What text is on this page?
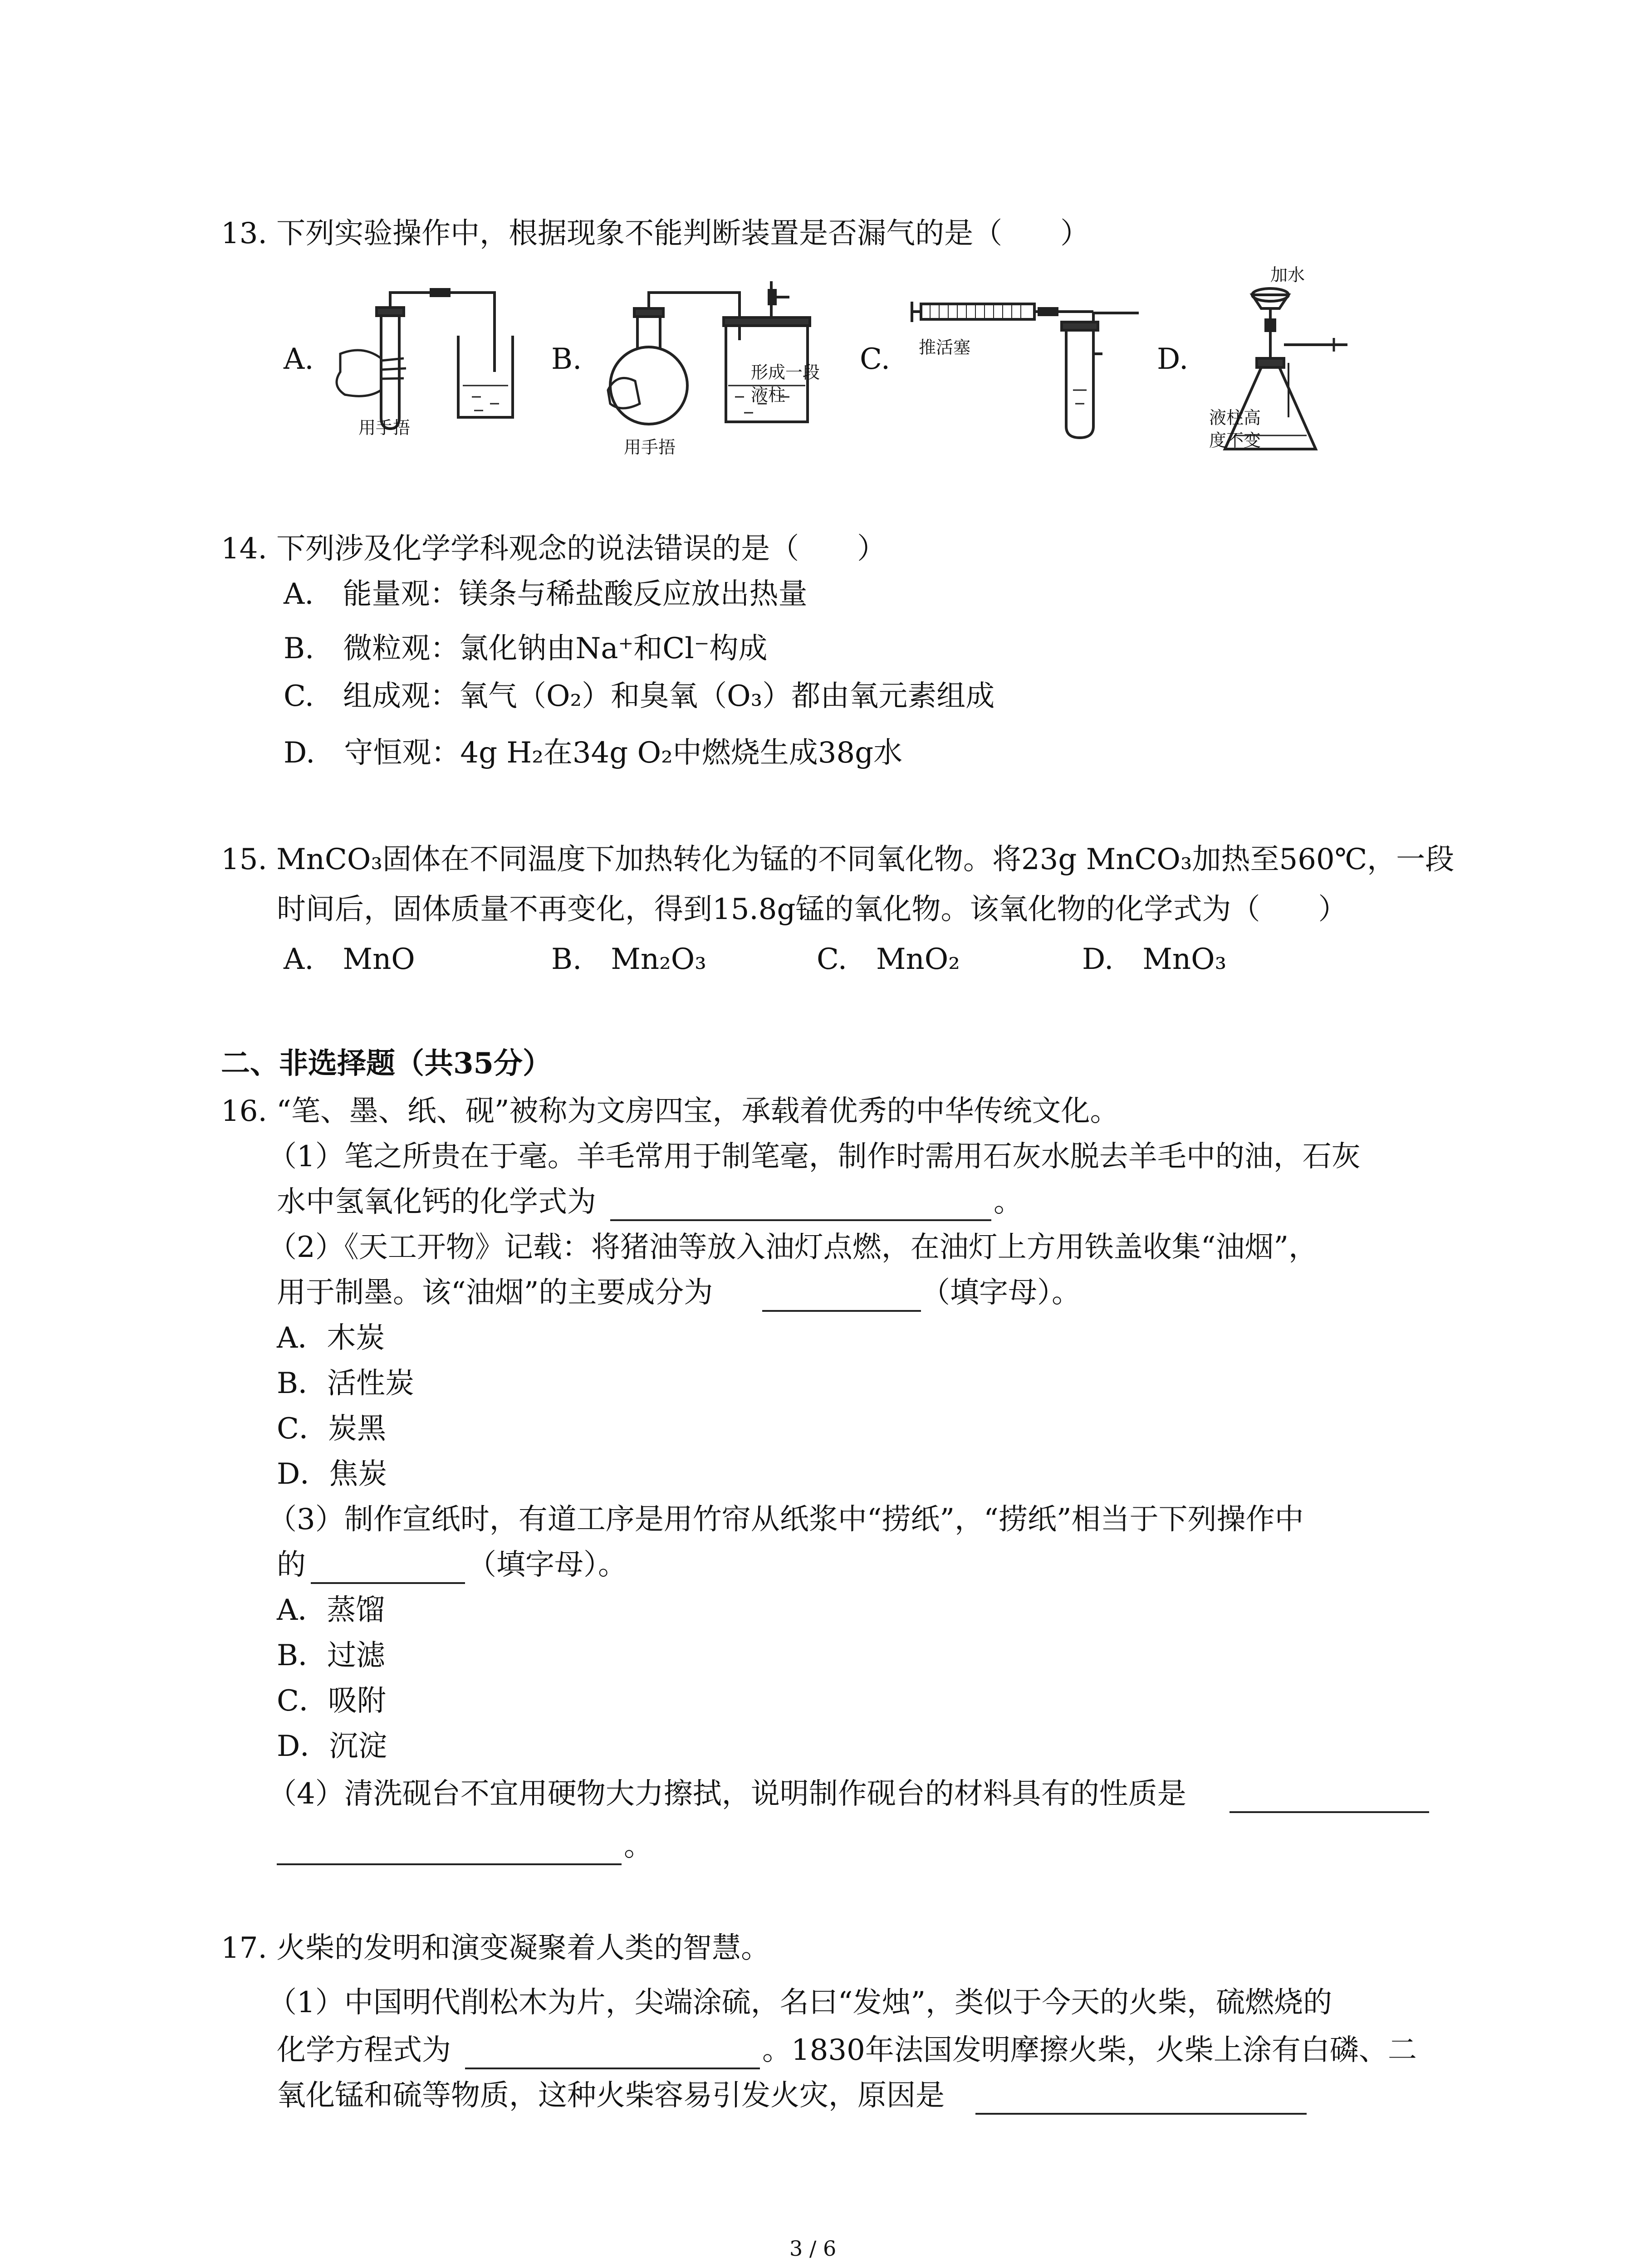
13. 下列实验操作中，根据现象不能判断装置是否漏气的是（　　）
A.	B.	C.	D.
用手捂
用手捂
形成一段
液柱
推活塞
加水
液柱高
度不变
14. 下列涉及化学学科观念的说法错误的是（　　）
A.　能量观：镁条与稀盐酸反应放出热量
B.　微粒观：氯化钠由Na⁺和Cl⁻构成
C.　组成观：氧气（O₂）和臭氧（O₃）都由氧元素组成
D.　守恒观：4g H₂在34g O₂中燃烧生成38g水
15. MnCO₃固体在不同温度下加热转化为锰的不同氧化物。将23g MnCO₃加热至560℃，一段
时间后，固体质量不再变化，得到15.8g锰的氧化物。该氧化物的化学式为（　　）
A.　MnO	B.　Mn₂O₃	C.　MnO₂	D.　MnO₃
二、非选择题（共35分）
16. “笔、墨、纸、砚”被称为文房四宝，承载着优秀的中华传统文化。
（1）笔之所贵在于毫。羊毛常用于制笔毫，制作时需用石灰水脱去羊毛中的油，石灰
水中氢氧化钙的化学式为	。
（2）《天工开物》记载：将猪油等放入油灯点燃，在油灯上方用铁盖收集“油烟”，
用于制墨。该“油烟”的主要成分为	（填字母）。
A．木炭
B．活性炭
C．炭黑
D．焦炭
（3）制作宣纸时，有道工序是用竹帘从纸浆中“捞纸”，“捞纸”相当于下列操作中
的	（填字母）。
A．蒸馏
B．过滤
C．吸附
D．沉淀
（4）清洗砚台不宜用硬物大力擦拭，说明制作砚台的材料具有的性质是
。
17. 火柴的发明和演变凝聚着人类的智慧。
（1）中国明代削松木为片，尖端涂硫，名曰“发烛”，类似于今天的火柴，硫燃烧的
化学方程式为	。1830年法国发明摩擦火柴，火柴上涂有白磷、二
氧化锰和硫等物质，这种火柴容易引发火灾，原因是
3 / 6
